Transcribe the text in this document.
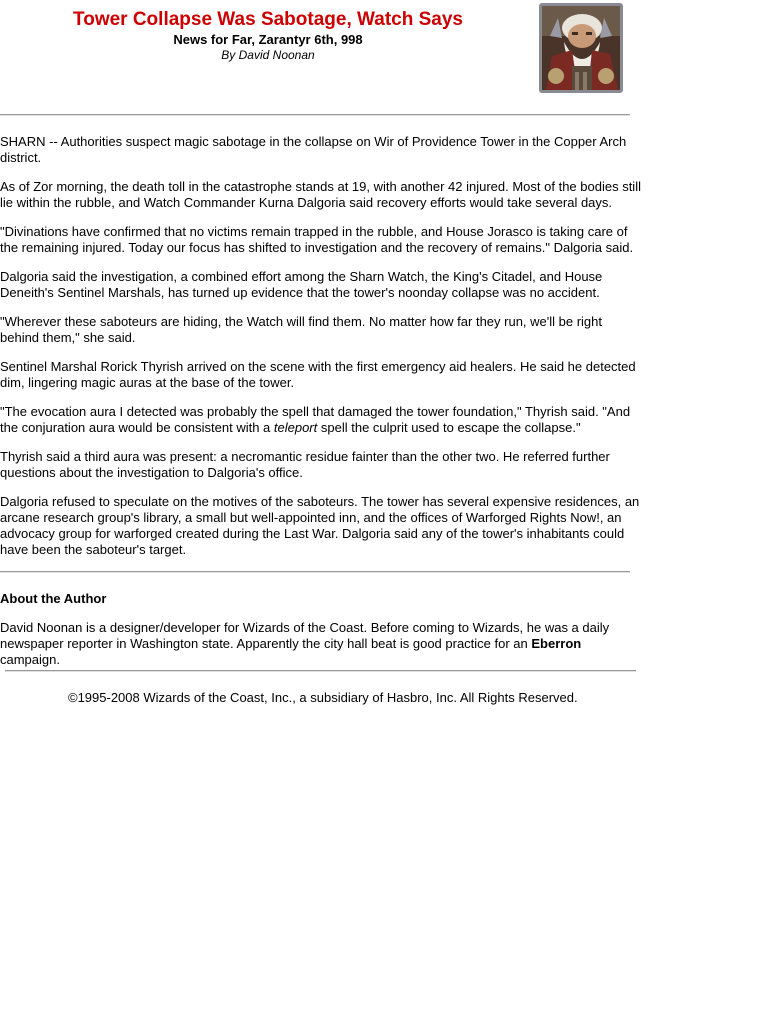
Tower Collapse Was Sabotage, Watch Says
News for Far, Zarantyr 6th, 998
By David Noonan

SHARN -- Authorities suspect magic sabotage in the collapse on Wir of Providence Tower in the Copper Arch district.

As of Zor morning, the death toll in the catastrophe stands at 19, with another 42 injured. Most of the bodies still lie within the rubble, and Watch Commander Kurna Dalgoria said recovery efforts would take several days.

"Divinations have confirmed that no victims remain trapped in the rubble, and House Jorasco is taking care of the remaining injured. Today our focus has shifted to investigation and the recovery of remains." Dalgoria said.

Dalgoria said the investigation, a combined effort among the Sharn Watch, the King's Citadel, and House Deneith's Sentinel Marshals, has turned up evidence that the tower's noonday collapse was no accident.

"Wherever these saboteurs are hiding, the Watch will find them. No matter how far they run, we'll be right behind them," she said.

Sentinel Marshal Rorick Thyrish arrived on the scene with the first emergency aid healers. He said he detected dim, lingering magic auras at the base of the tower.

"The evocation aura I detected was probably the spell that damaged the tower foundation," Thyrish said. "And the conjuration aura would be consistent with a teleport spell the culprit used to escape the collapse."

Thyrish said a third aura was present: a necromantic residue fainter than the other two. He referred further questions about the investigation to Dalgoria's office.

Dalgoria refused to speculate on the motives of the saboteurs. The tower has several expensive residences, an arcane research group's library, a small but well-appointed inn, and the offices of Warforged Rights Now!, an advocacy group for warforged created during the Last War. Dalgoria said any of the tower's inhabitants could have been the saboteur's target.

About the Author

David Noonan is a designer/developer for Wizards of the Coast. Before coming to Wizards, he was a daily newspaper reporter in Washington state. Apparently the city hall beat is good practice for an Eberron campaign.

©1995-2008 Wizards of the Coast, Inc., a subsidiary of Hasbro, Inc. All Rights Reserved.
